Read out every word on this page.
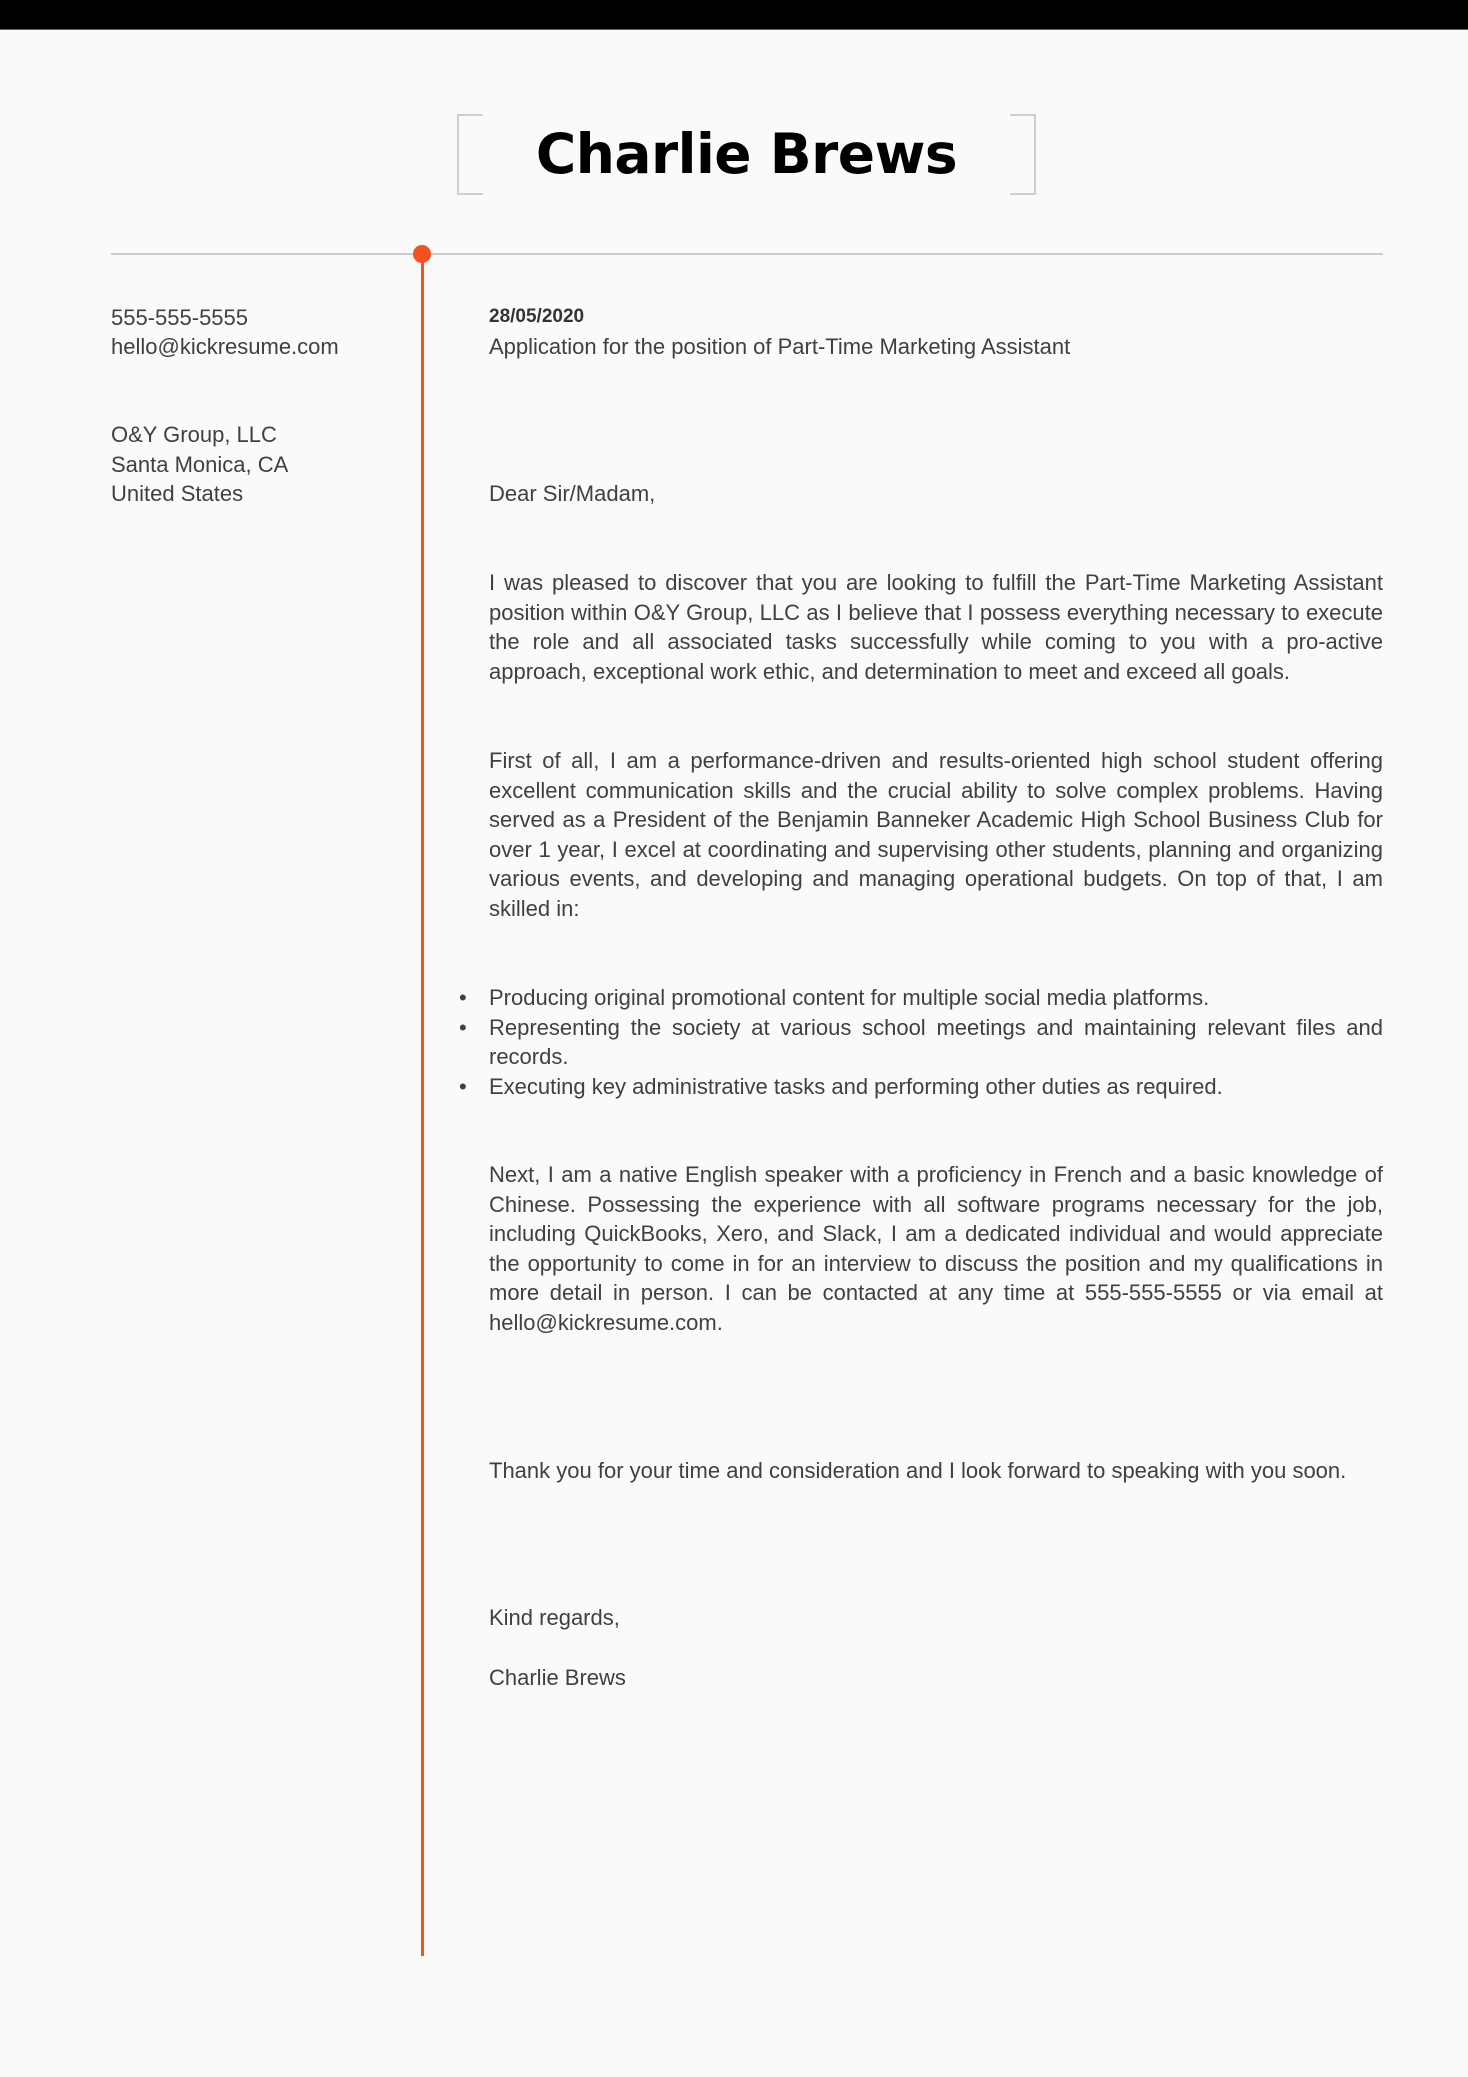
Charlie Brews
555-555-5555
hello@kickresume.com
O&Y Group, LLC
Santa Monica, CA
United States
28/05/2020
Application for the position of Part-Time Marketing Assistant
Dear Sir/Madam,

I was pleased to discover that you are looking to fulfill the Part-Time Marketing Assistant position within O&Y Group, LLC as I believe that I possess everything necessary to execute the role and all associated tasks successfully while coming to you with a pro-active approach, exceptional work ethic, and determination to meet and exceed all goals.

First of all, I am a performance-driven and results-oriented high school student offering excellent communication skills and the crucial ability to solve complex problems. Having served as a President of the Benjamin Banneker Academic High School Business Club for over 1 year, I excel at coordinating and supervising other students, planning and organizing various events, and developing and managing operational budgets. On top of that, I am skilled in:

• Producing original promotional content for multiple social media platforms.
• Representing the society at various school meetings and maintaining relevant files and records.
• Executing key administrative tasks and performing other duties as required.

Next, I am a native English speaker with a proficiency in French and a basic knowledge of Chinese. Possessing the experience with all software programs necessary for the job, including QuickBooks, Xero, and Slack, I am a dedicated individual and would appreciate the opportunity to come in for an interview to discuss the position and my qualifications in more detail in person. I can be contacted at any time at 555-555-5555 or via email at hello@kickresume.com.

Thank you for your time and consideration and I look forward to speaking with you soon.

Kind regards,
Charlie Brews
